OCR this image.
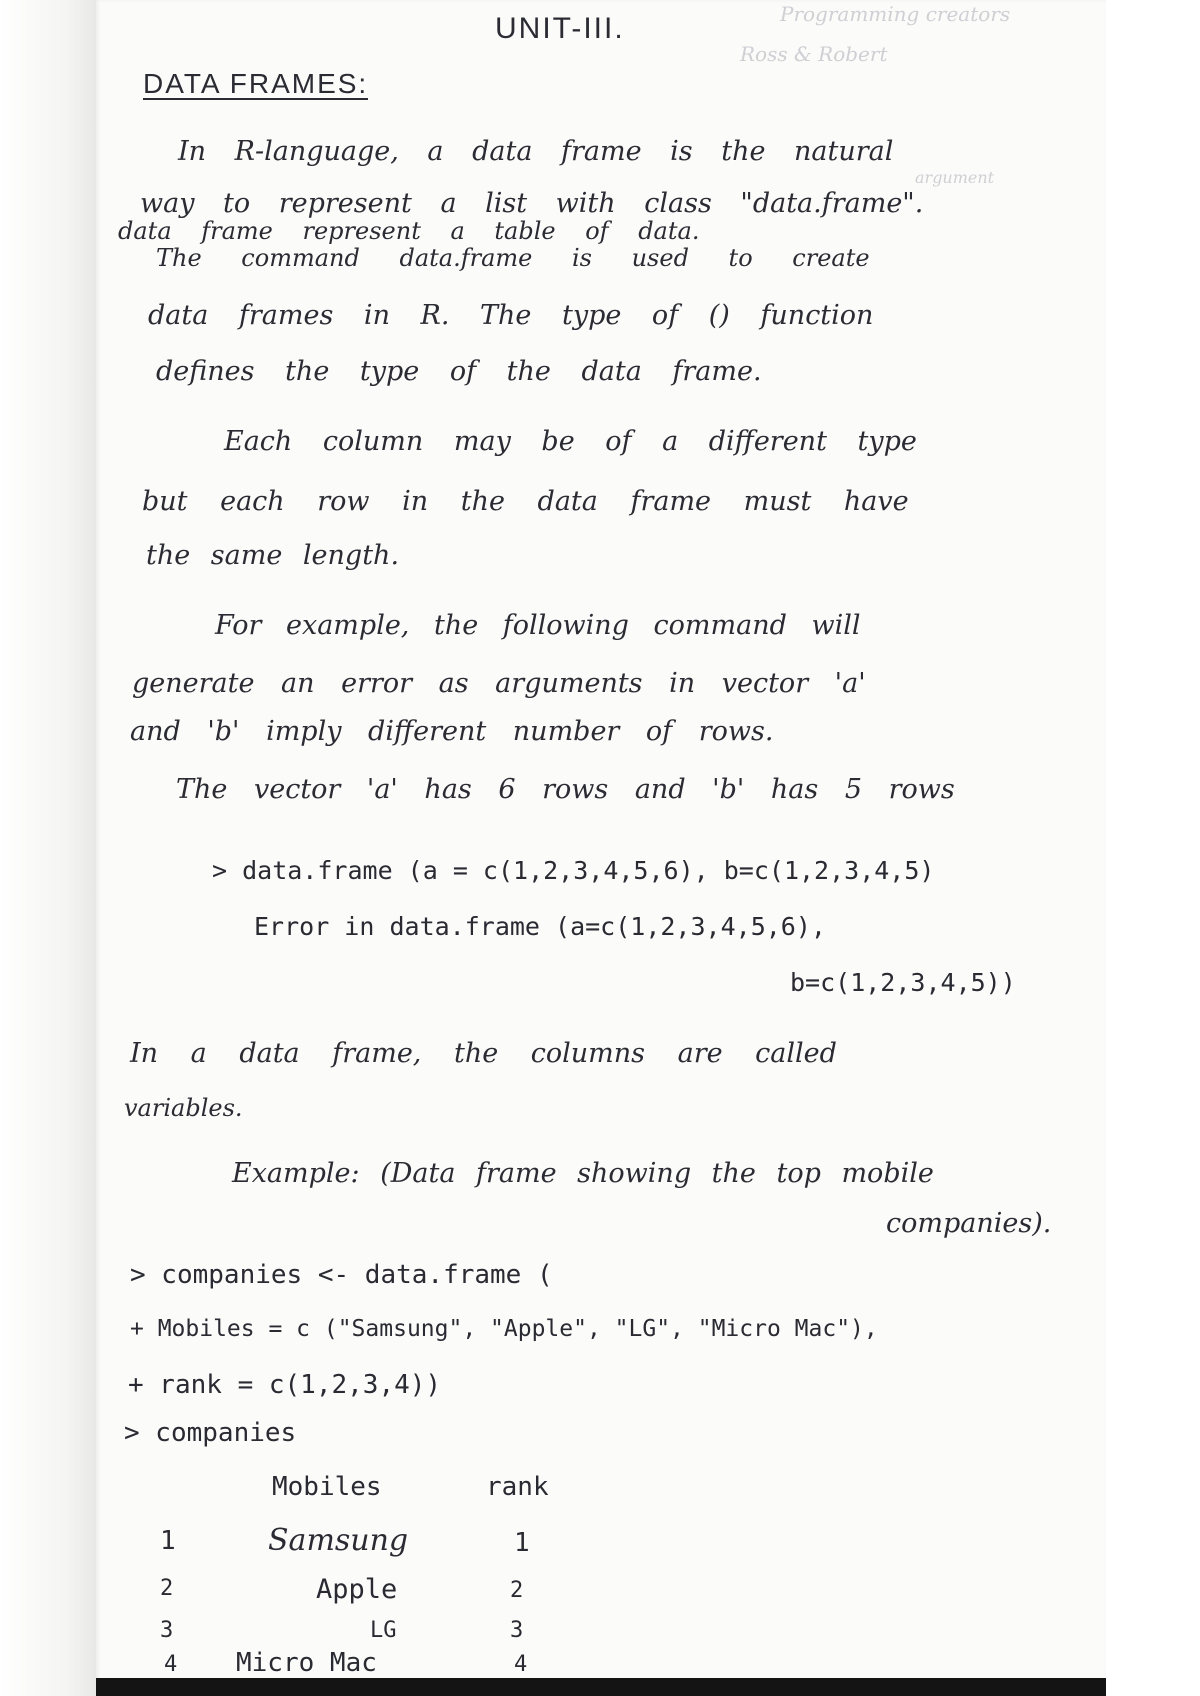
UNIT-III.	Programming creators
Ross & Robert
DATA FRAMES:
In R-language, a data frame is the natural
argument
way to represent a list with class "data.frame".
data frame represent a table of data.
The command data.frame is used to create
data frames in R. The type of () function
defines the type of the data frame.
Each column may be of a different type
but each row in the data frame must have
the same length.
For example, the following command will
generate an error as arguments in vector 'a'
and 'b' imply different number of rows.
The vector 'a' has 6 rows and 'b' has 5 rows
> data.frame (a = c(1,2,3,4,5,6), b=c(1,2,3,4,5)
Error in data.frame (a=c(1,2,3,4,5,6),
b=c(1,2,3,4,5))
In a data frame, the columns are called
variables.
Example: (Data frame showing the top mobile
companies).
> companies <- data.frame (
+ Mobiles = c ("Samsung", "Apple", "LG", "Micro Mac"),
+ rank = c(1,2,3,4))
> companies
Mobiles	rank
1	Samsung	1
2	Apple	2
3	LG	3
4 Micro Mac	4
